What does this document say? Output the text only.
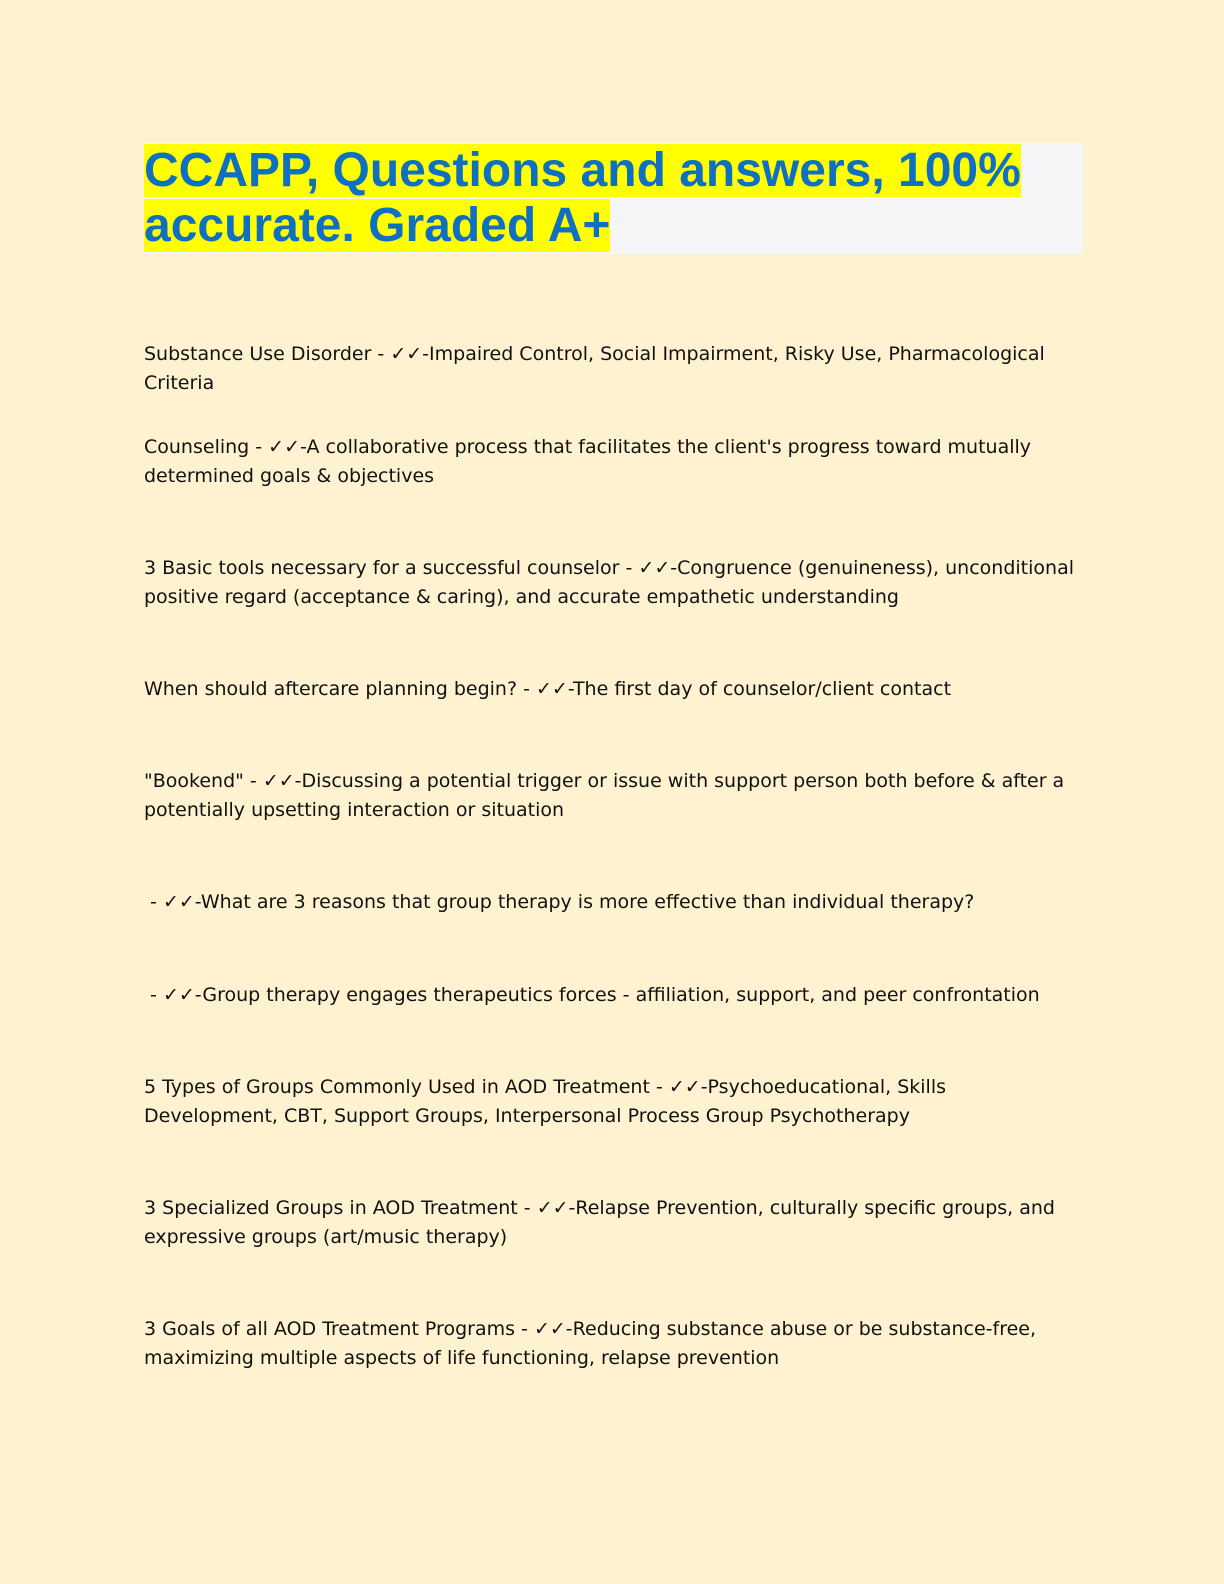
CCAPP, Questions and answers, 100% accurate. Graded A+
Substance Use Disorder - ✓✓-Impaired Control, Social Impairment, Risky Use, Pharmacological Criteria
Counseling - ✓✓-A collaborative process that facilitates the client's progress toward mutually determined goals & objectives
3 Basic tools necessary for a successful counselor - ✓✓-Congruence (genuineness), unconditional positive regard (acceptance & caring), and accurate empathetic understanding
When should aftercare planning begin? - ✓✓-The first day of counselor/client contact
"Bookend" - ✓✓-Discussing a potential trigger or issue with support person both before & after a potentially upsetting interaction or situation
- ✓✓-What are 3 reasons that group therapy is more effective than individual therapy?
- ✓✓-Group therapy engages therapeutics forces - affiliation, support, and peer confrontation
5 Types of Groups Commonly Used in AOD Treatment - ✓✓-Psychoeducational, Skills Development, CBT, Support Groups, Interpersonal Process Group Psychotherapy
3 Specialized Groups in AOD Treatment - ✓✓-Relapse Prevention, culturally specific groups, and expressive groups (art/music therapy)
3 Goals of all AOD Treatment Programs - ✓✓-Reducing substance abuse or be substance-free, maximizing multiple aspects of life functioning, relapse prevention
